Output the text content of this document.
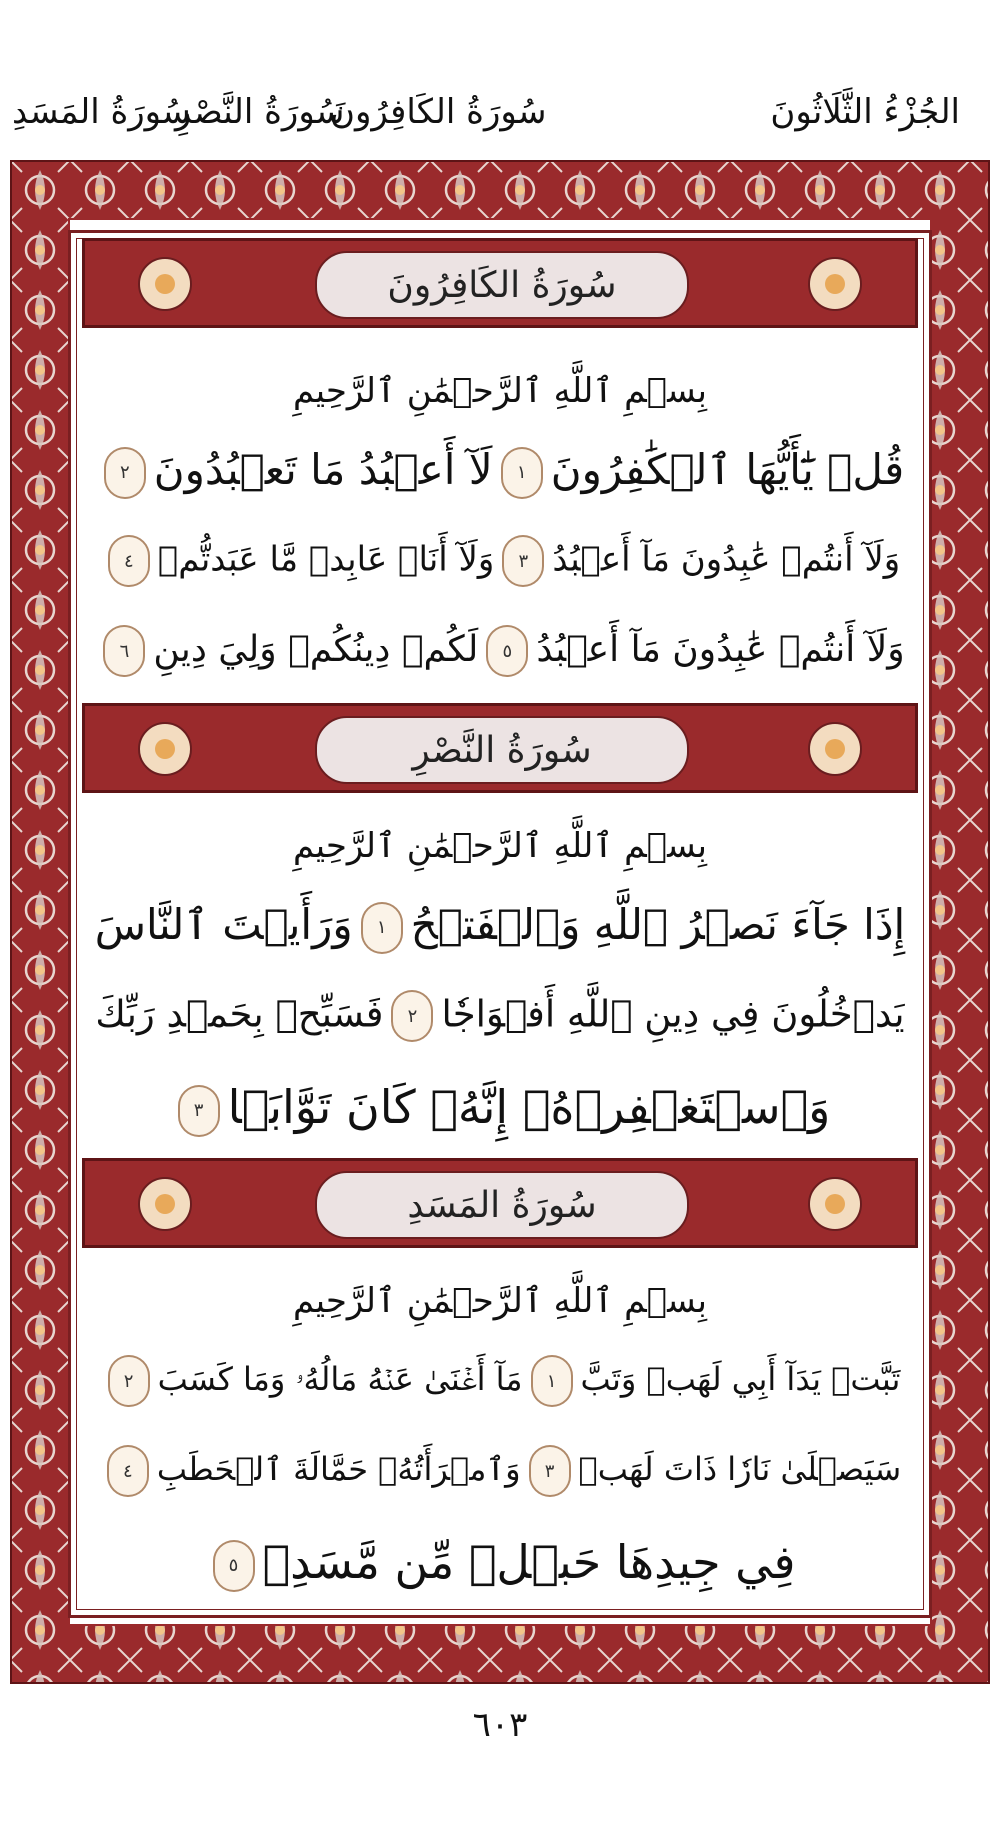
الجُزْءُ الثَّلَاثُونَ
سُورَةُ الكَافِرُونَ
سُورَةُ النَّصْرِ
سُورَةُ المَسَدِ
سُورَةُ الكَافِرُونَ
بِسۡمِ ٱللَّهِ ٱلرَّحۡمَٰنِ ٱلرَّحِيمِ
قُلۡ يَٰٓأَيُّهَا ٱلۡكَٰفِرُونَ١لَآ أَعۡبُدُ مَا تَعۡبُدُونَ٢
وَلَآ أَنتُمۡ عَٰبِدُونَ مَآ أَعۡبُدُ٣وَلَآ أَنَا۠ عَابِدٞ مَّا عَبَدتُّمۡ٤
وَلَآ أَنتُمۡ عَٰبِدُونَ مَآ أَعۡبُدُ٥لَكُمۡ دِينُكُمۡ وَلِيَ دِينِ٦
سُورَةُ النَّصْرِ
بِسۡمِ ٱللَّهِ ٱلرَّحۡمَٰنِ ٱلرَّحِيمِ
إِذَا جَآءَ نَصۡرُ ٱللَّهِ وَٱلۡفَتۡحُ١وَرَأَيۡتَ ٱلنَّاسَ
يَدۡخُلُونَ فِي دِينِ ٱللَّهِ أَفۡوَاجٗا٢فَسَبِّحۡ بِحَمۡدِ رَبِّكَ
وَٱسۡتَغۡفِرۡهُۚ إِنَّهُۥ كَانَ تَوَّابَۢا٣
سُورَةُ المَسَدِ
بِسۡمِ ٱللَّهِ ٱلرَّحۡمَٰنِ ٱلرَّحِيمِ
تَبَّتۡ يَدَآ أَبِي لَهَبٖ وَتَبَّ١مَآ أَغۡنَىٰ عَنۡهُ مَالُهُۥ وَمَا كَسَبَ٢
سَيَصۡلَىٰ نَارٗا ذَاتَ لَهَبٖ٣وَٱمۡرَأَتُهُۥ حَمَّالَةَ ٱلۡحَطَبِ٤
فِي جِيدِهَا حَبۡلٞ مِّن مَّسَدِۢ٥
٦٠٣
